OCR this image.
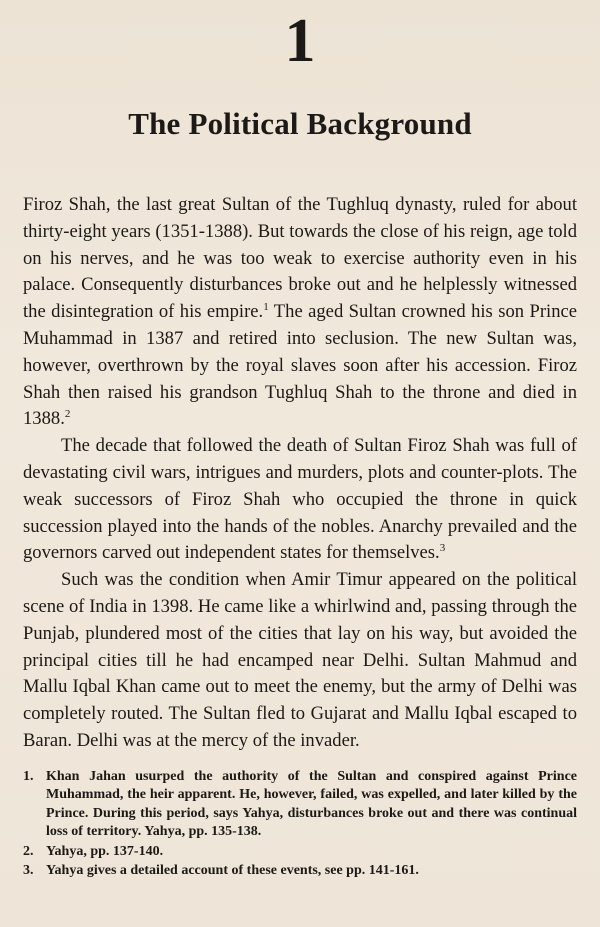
1
The Political Background

Firoz Shah, the last great Sultan of the Tughluq dynasty, ruled for about thirty-eight years (1351-1388). But towards the close of his reign, age told on his nerves, and he was too weak to exercise authority even in his palace. Consequently disturbances broke out and he helplessly witnessed the disintegration of his empire.$^1$ The aged Sultan crowned his son Prince Muhammad in 1387 and retired into seclusion. The new Sultan was, however, overthrown by the royal slaves soon after his accession. Firoz Shah then raised his grandson Tughluq Shah to the throne and died in 1388.$^2$

The decade that followed the death of Sultan Firoz Shah was full of devastating civil wars, intrigues and murders, plots and counter-plots. The weak successors of Firoz Shah who occupied the throne in quick succession played into the hands of the nobles. Anarchy prevailed and the governors carved out independent states for themselves.$^3$

Such was the condition when Amir Timur appeared on the political scene of India in 1398. He came like a whirlwind and, passing through the Punjab, plundered most of the cities that lay on his way, but avoided the principal cities till he had encamped near Delhi. Sultan Mahmud and Mallu Iqbal Khan came out to meet the enemy, but the army of Delhi was completely routed. The Sultan fled to Gujarat and Mallu Iqbal escaped to Baran. Delhi was at the mercy of the invader.

1. Khan Jahan usurped the authority of the Sultan and conspired against Prince Muhammad, the heir apparent. He, however, failed, was expelled, and later killed by the Prince. During this period, says Yahya, disturbances broke out and there was continual loss of territory. Yahya, pp. 135-138.
2. Yahya, pp. 137-140.
3. Yahya gives a detailed account of these events, see pp. 141-161.
